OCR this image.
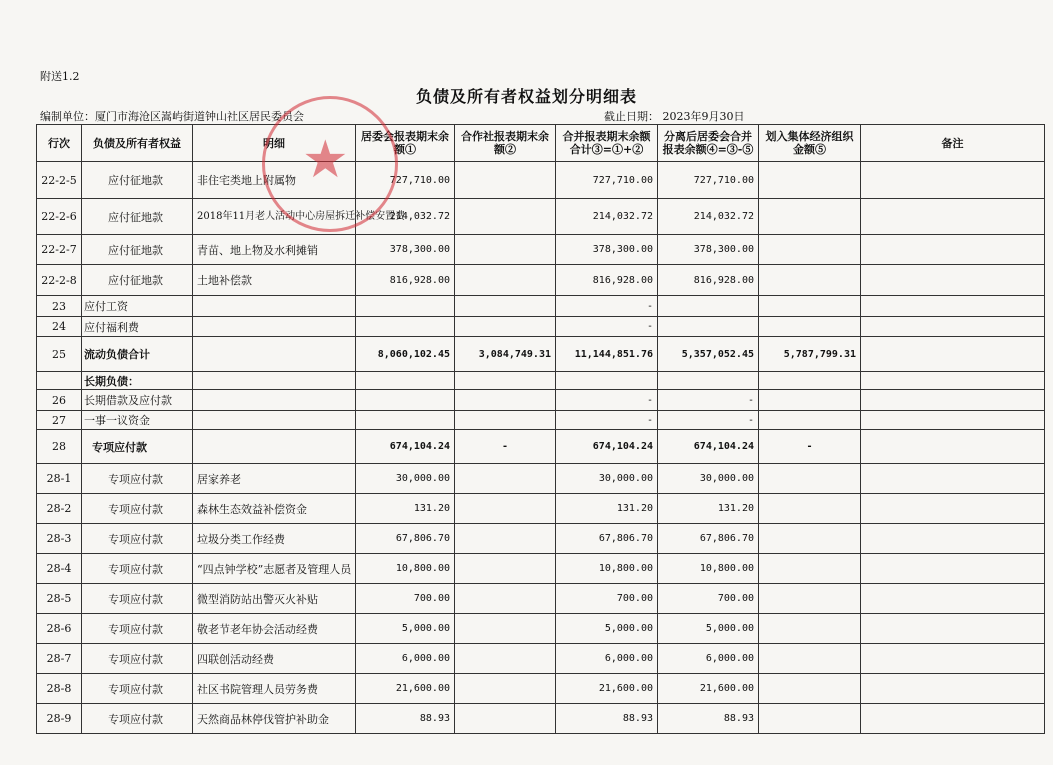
附送1.2
负债及所有者权益划分明细表
编制单位：厦门市海沧区嵩屿街道钟山社区居民委员会	截止日期： 2023年9月30日
行次	负债及所有者权益	明细	居委会报表期末余额①	合作社报表期末余额②	合并报表期末余额合计③=①+②	分离后居委会合并报表余额④=③-⑤	划入集体经济组织金额⑤	备注
22-2-5	应付征地款	非住宅类地上附属物	727,710.00		727,710.00	727,710.00		
22-2-6	应付征地款	2018年11月老人活动中心房屋拆迁补偿安置费	214,032.72		214,032.72	214,032.72		
22-2-7	应付征地款	青苗、地上物及水利摊销	378,300.00		378,300.00	378,300.00		
22-2-8	应付征地款	土地补偿款	816,928.00		816,928.00	816,928.00		
23	应付工资				-			
24	应付福利费				-			
25	流动负债合计		8,060,102.45	3,084,749.31	11,144,851.76	5,357,052.45	5,787,799.31	
	长期负债：							
26	长期借款及应付款				-	-		
27	一事一议资金				-	-		
28	专项应付款		674,104.24	-	674,104.24	674,104.24	-	
28-1	专项应付款	居家养老	30,000.00		30,000.00	30,000.00		
28-2	专项应付款	森林生态效益补偿资金	131.20		131.20	131.20		
28-3	专项应付款	垃圾分类工作经费	67,806.70		67,806.70	67,806.70		
28-4	专项应付款	“四点钟学校”志愿者及管理人员	10,800.00		10,800.00	10,800.00		
28-5	专项应付款	微型消防站出警灭火补贴	700.00		700.00	700.00		
28-6	专项应付款	敬老节老年协会活动经费	5,000.00		5,000.00	5,000.00		
28-7	专项应付款	四联创活动经费	6,000.00		6,000.00	6,000.00		
28-8	专项应付款	社区书院管理人员劳务费	21,600.00		21,600.00	21,600.00		
28-9	专项应付款	天然商品林停伐管护补助金	88.93		88.93	88.93		
★
